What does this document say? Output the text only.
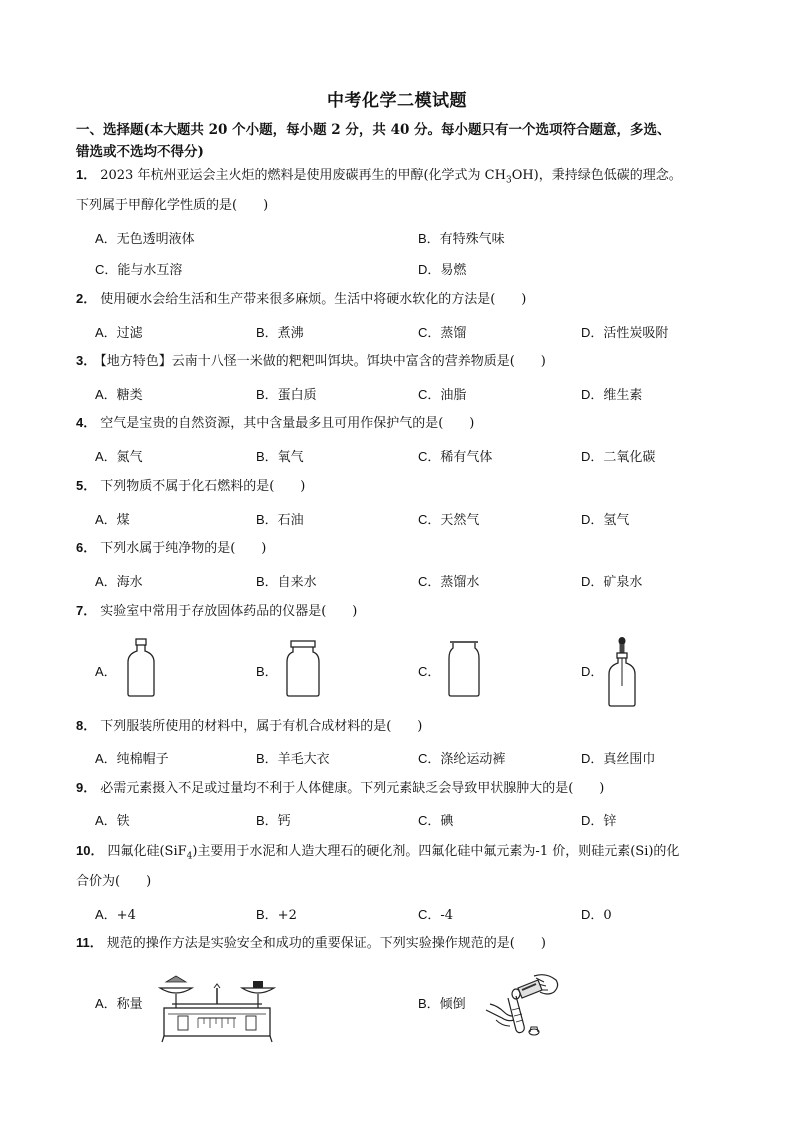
中考化学二模试题
一、选择题(本大题共 20 个小题，每小题 2 分，共 40 分。每小题只有一个选项符合题意，多选、
错选或不选均不得分)
1． 2023 年杭州亚运会主火炬的燃料是使用废碳再生的甲醇(化学式为 $CH_3OH$)，秉持绿色低碳的理念。
下列属于甲醇化学性质的是(　　)
A．无色透明液体	B．有特殊气味
C．能与水互溶	D．易燃
2． 使用硬水会给生活和生产带来很多麻烦。生活中将硬水软化的方法是(　　)
A．过滤	B．煮沸	C．蒸馏	D．活性炭吸附
3． 【地方特色】云南十八怪一米做的粑粑叫饵块。饵块中富含的营养物质是(　　)
A．糖类	B．蛋白质	C．油脂	D．维生素
4． 空气是宝贵的自然资源，其中含量最多且可用作保护气的是(　　)
A．氮气	B．氧气	C．稀有气体	D．二氧化碳
5． 下列物质不属于化石燃料的是(　　)
A．煤	B．石油	C．天然气	D．氢气
6． 下列水属于纯净物的是(　　)
A．海水	B．自来水	C．蒸馏水	D．矿泉水
7． 实验室中常用于存放固体药品的仪器是(　　)
A．	B．	C．	D．
8． 下列服装所使用的材料中，属于有机合成材料的是(　　)
A．纯棉帽子	B．羊毛大衣	C．涤纶运动裤	D．真丝围巾
9． 必需元素摄入不足或过量均不利于人体健康。下列元素缺乏会导致甲状腺肿大的是(　　)
A．铁	B．钙	C．碘	D．锌
10． 四氟化硅(SiF$_4$)主要用于水泥和人造大理石的硬化剂。四氟化硅中氟元素为-1 价，则硅元素(Si)的化
合价为(　　)
A．+4	B．+2	C．-4	D．0
11． 规范的操作方法是实验安全和成功的重要保证。下列实验操作规范的是(　　)
A．称量	B．倾倒
